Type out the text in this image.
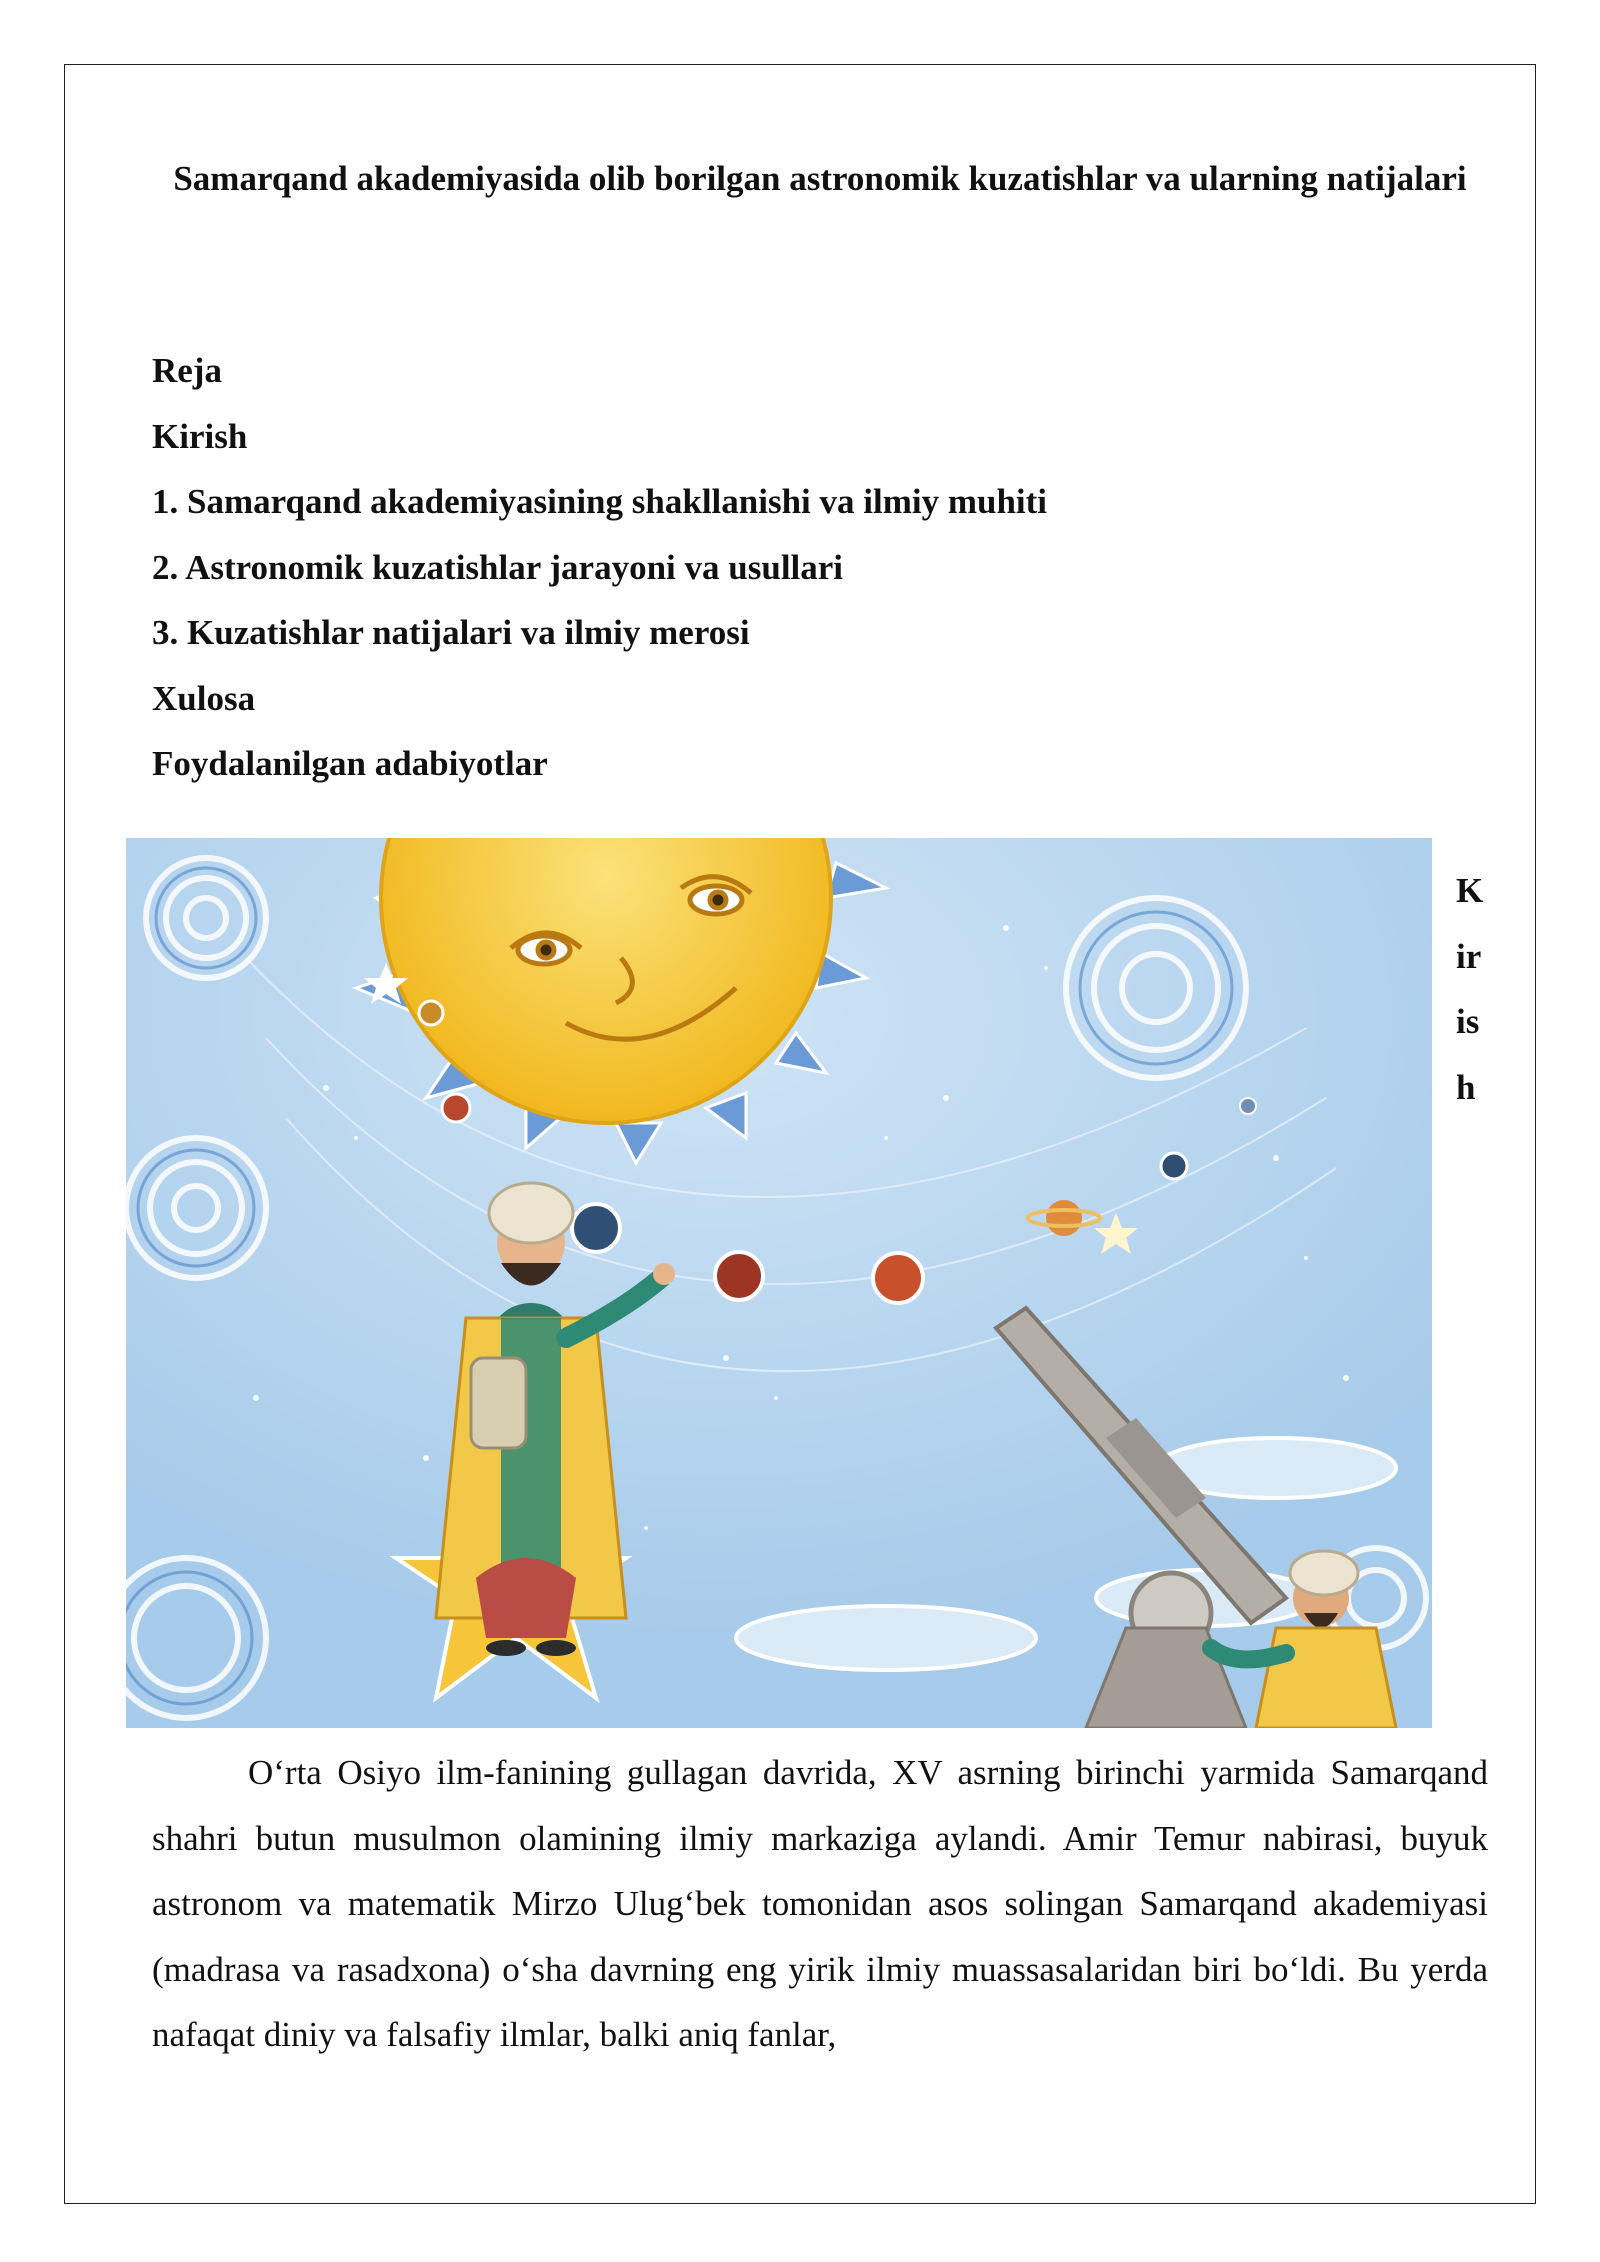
Samarqand akademiyasida olib borilgan astronomik kuzatishlar va ularning natijalari
Reja
Kirish
1. Samarqand akademiyasining shakllanishi va ilmiy muhiti
2. Astronomik kuzatishlar jarayoni va usullari
3. Kuzatishlar natijalari va ilmiy merosi
Xulosa
Foydalanilgan adabiyotlar
K
ir
is
h

O‘rta Osiyo ilm-fanining gullagan davrida, XV asrning birinchi yarmida Samarqand shahri butun musulmon olamining ilmiy markaziga aylandi. Amir Temur nabirasi, buyuk astronom va matematik Mirzo Ulug‘bek tomonidan asos solingan Samarqand akademiyasi (madrasa va rasadxona) o‘sha davrning eng yirik ilmiy muassasalaridan biri bo‘ldi. Bu yerda nafaqat diniy va falsafiy ilmlar, balki aniq fanlar,
